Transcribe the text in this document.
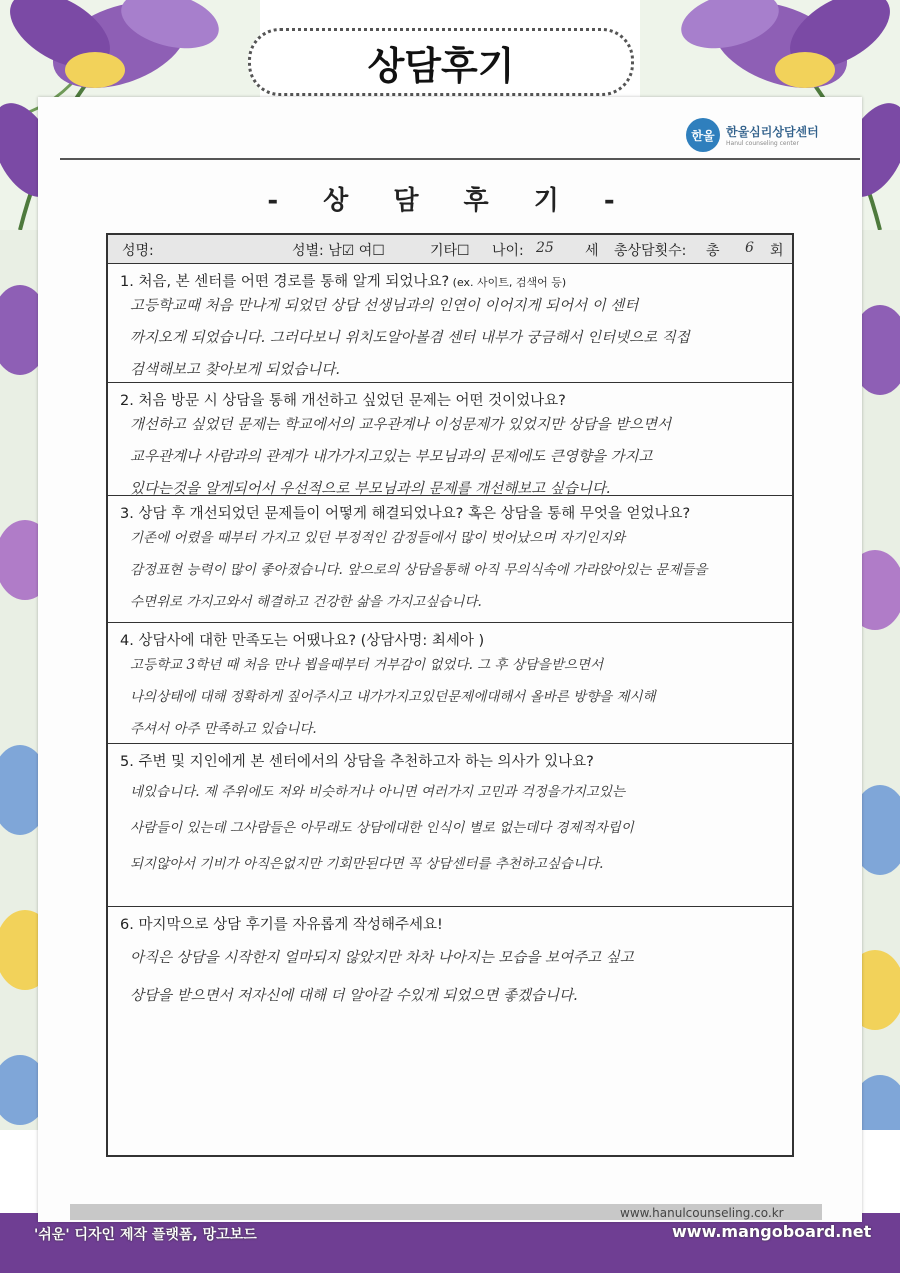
상담후기
한울 한울심리상담센터
Hanul counseling center
- 상 담 후 기 -
성명:	성별: 남☑ 여☐	기타☐ 나이: 25 세 총상담횟수: 총 6 회
1. 처음, 본 센터를 어떤 경로를 통해 알게 되었나요? (ex. 사이트, 검색어 등)
고등학교때 처음 만나게 되었던 상담 선생님과의 인연이 이어지게 되어서 이 센터
까지오게 되었습니다. 그러다보니 위치도알아볼겸 센터 내부가 궁금해서 인터넷으로 직접
검색해보고 찾아보게 되었습니다.
2. 처음 방문 시 상담을 통해 개선하고 싶었던 문제는 어떤 것이었나요?
개선하고 싶었던 문제는 학교에서의 교우관계나 이성문제가 있었지만 상담을 받으면서
교우관계나 사람과의 관계가 내가가지고있는 부모님과의 문제에도 큰영향을 가지고
있다는것을 알게되어서 우선적으로 부모님과의 문제를 개선해보고 싶습니다.
3. 상담 후 개선되었던 문제들이 어떻게 해결되었나요? 혹은 상담을 통해 무엇을 얻었나요?
기존에 어렸을 때부터 가지고 있던 부정적인 감정들에서 많이 벗어났으며 자기인지와
감정표현 능력이 많이 좋아졌습니다. 앞으로의 상담을통해 아직 무의식속에 가라앉아있는 문제들을
수면위로 가지고와서 해결하고 건강한 삶을 가지고싶습니다.
4. 상담사에 대한 만족도는 어땠나요? (상담사명: 최세아 )
고등학교 3학년 때 처음 만나 뵙을때부터 거부감이 없었다. 그 후 상담을받으면서
나의상태에 대해 정확하게 짚어주시고 내가가지고있던문제에대해서 올바른 방향을 제시해
주셔서 아주 만족하고 있습니다.
5. 주변 및 지인에게 본 센터에서의 상담을 추천하고자 하는 의사가 있나요?
네있습니다. 제 주위에도 저와 비슷하거나 아니면 여러가지 고민과 걱정을가지고있는
사람들이 있는데 그사람들은 아무래도 상담에대한 인식이 별로 없는데다 경제적자립이
되지않아서 기비가 아직은없지만 기회만된다면 꼭 상담센터를 추천하고싶습니다.
6. 마지막으로 상담 후기를 자유롭게 작성해주세요!
아직은 상담을 시작한지 얼마되지 않았지만 차차 나아지는 모습을 보여주고 싶고
상담을 받으면서 저자신에 대해 더 알아갈 수있게 되었으면 좋겠습니다.
www.hanulcounseling.co.kr
'쉬운' 디자인 제작 플랫폼, 망고보드	www.mangoboard.net
